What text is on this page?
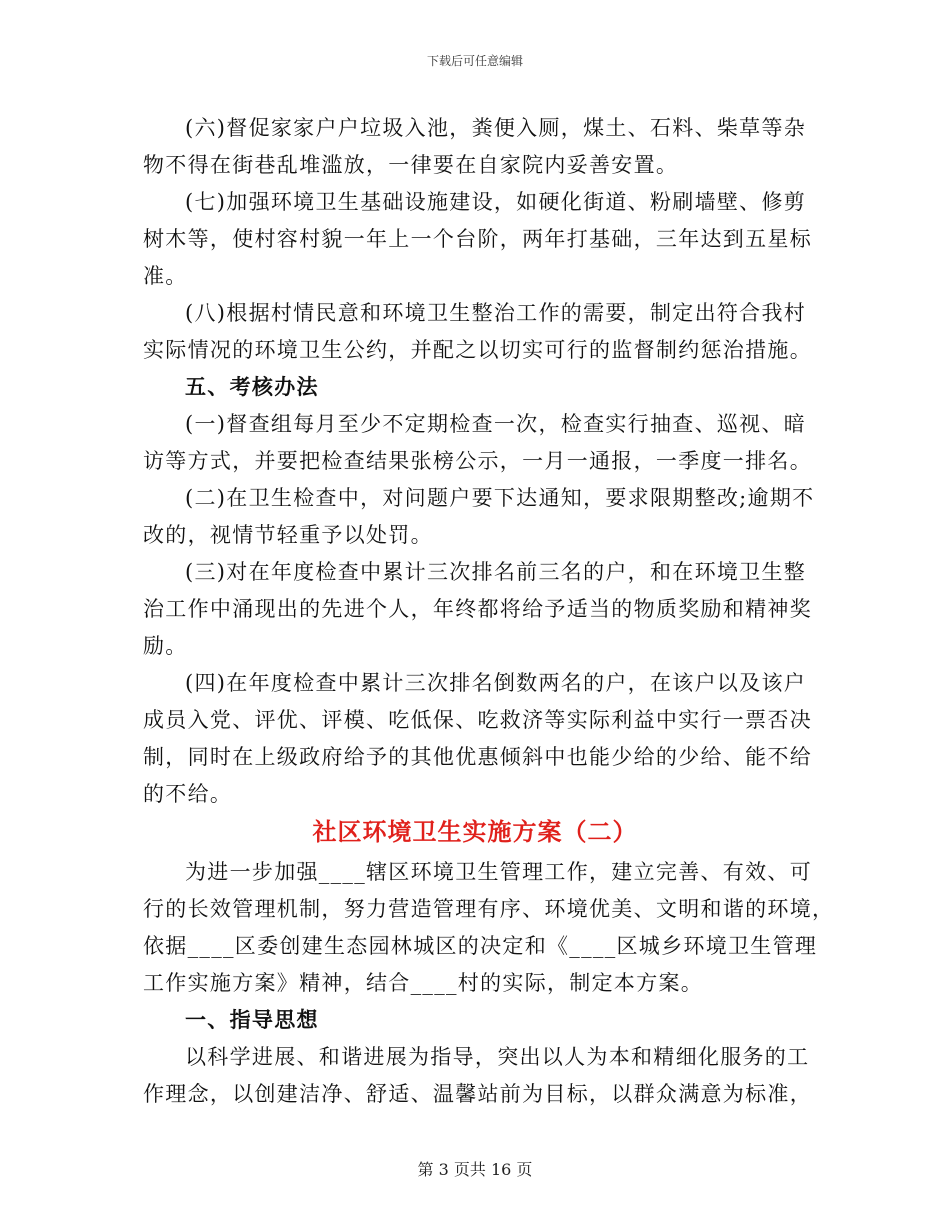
下载后可任意编辑
(六)督促家家户户垃圾入池，粪便入厕，煤土、石料、柴草等杂
物不得在街巷乱堆滥放，一律要在自家院内妥善安置。
(七)加强环境卫生基础设施建设，如硬化街道、粉刷墙壁、修剪
树木等，使村容村貌一年上一个台阶，两年打基础，三年达到五星标
准。
(八)根据村情民意和环境卫生整治工作的需要，制定出符合我村
实际情况的环境卫生公约，并配之以切实可行的监督制约惩治措施。
五、考核办法
(一)督查组每月至少不定期检查一次，检查实行抽查、巡视、暗
访等方式，并要把检查结果张榜公示，一月一通报，一季度一排名。
(二)在卫生检查中，对问题户要下达通知，要求限期整改;逾期不
改的，视情节轻重予以处罚。
(三)对在年度检查中累计三次排名前三名的户，和在环境卫生整
治工作中涌现出的先进个人，年终都将给予适当的物质奖励和精神奖
励。
(四)在年度检查中累计三次排名倒数两名的户，在该户以及该户
成员入党、评优、评模、吃低保、吃救济等实际利益中实行一票否决
制，同时在上级政府给予的其他优惠倾斜中也能少给的少给、能不给
的不给。
社区环境卫生实施方案（二）
为进一步加强____辖区环境卫生管理工作，建立完善、有效、可
行的长效管理机制，努力营造管理有序、环境优美、文明和谐的环境，
依据____区委创建生态园林城区的决定和《____区城乡环境卫生管理
工作实施方案》精神，结合____村的实际，制定本方案。
一、指导思想
以科学进展、和谐进展为指导，突出以人为本和精细化服务的工
作理念，以创建洁净、舒适、温馨站前为目标，以群众满意为标准，
第 3 页共 16 页
